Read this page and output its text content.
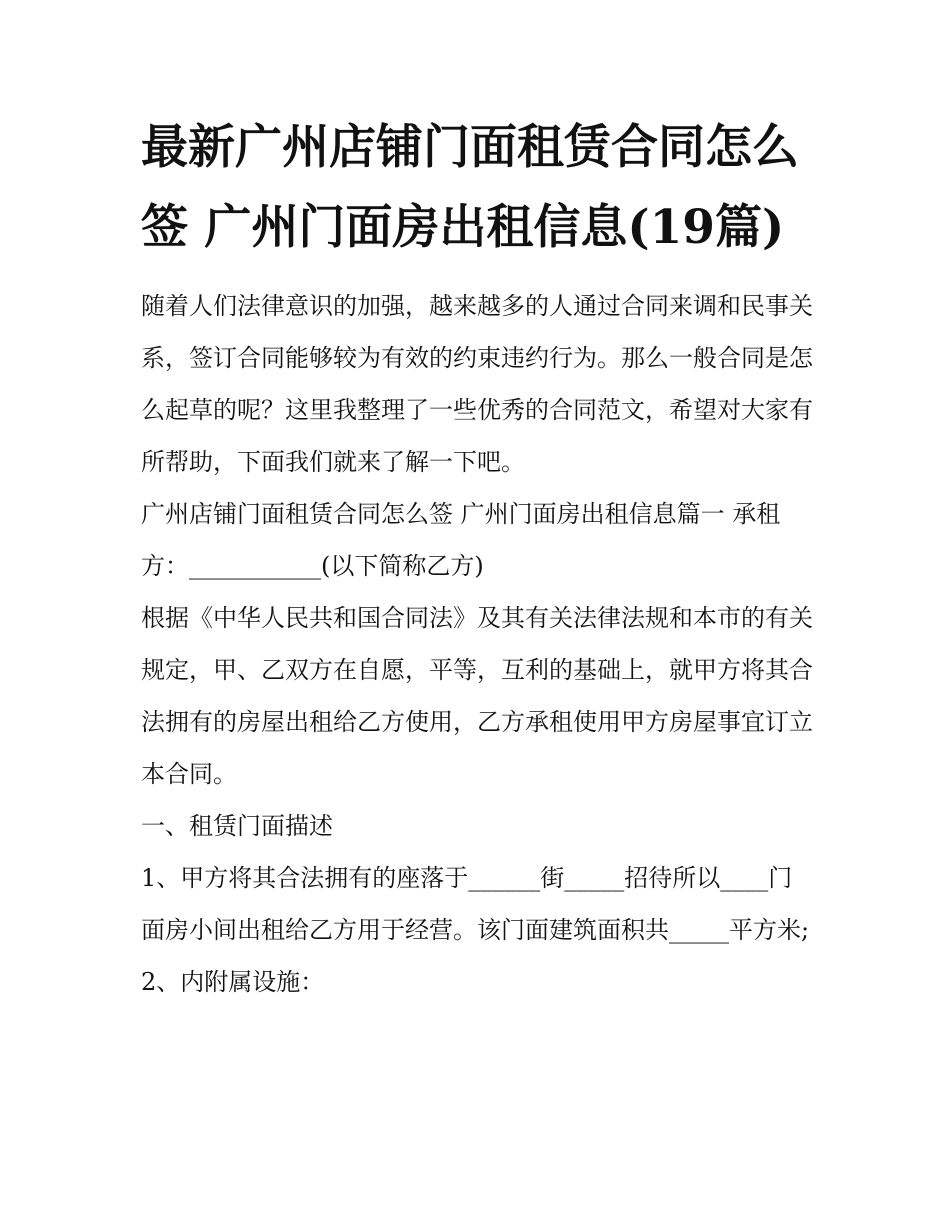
最新广州店铺门面租赁合同怎么签 广州门面房出租信息(19篇)

随着人们法律意识的加强，越来越多的人通过合同来调和民事关系，签订合同能够较为有效的约束违约行为。那么一般合同是怎么起草的呢？这里我整理了一些优秀的合同范文，希望对大家有所帮助，下面我们就来了解一下吧。

广州店铺门面租赁合同怎么签 广州门面房出租信息篇一 承租方：___________(以下简称乙方)

根据《中华人民共和国合同法》及其有关法律法规和本市的有关规定，甲、乙双方在自愿，平等，互利的基础上，就甲方将其合法拥有的房屋出租给乙方使用，乙方承租使用甲方房屋事宜订立本合同。

一、租赁门面描述

1、甲方将其合法拥有的座落于______街_____招待所以____门面房小间出租给乙方用于经营。该门面建筑面积共_____平方米;

2、内附属设施：
